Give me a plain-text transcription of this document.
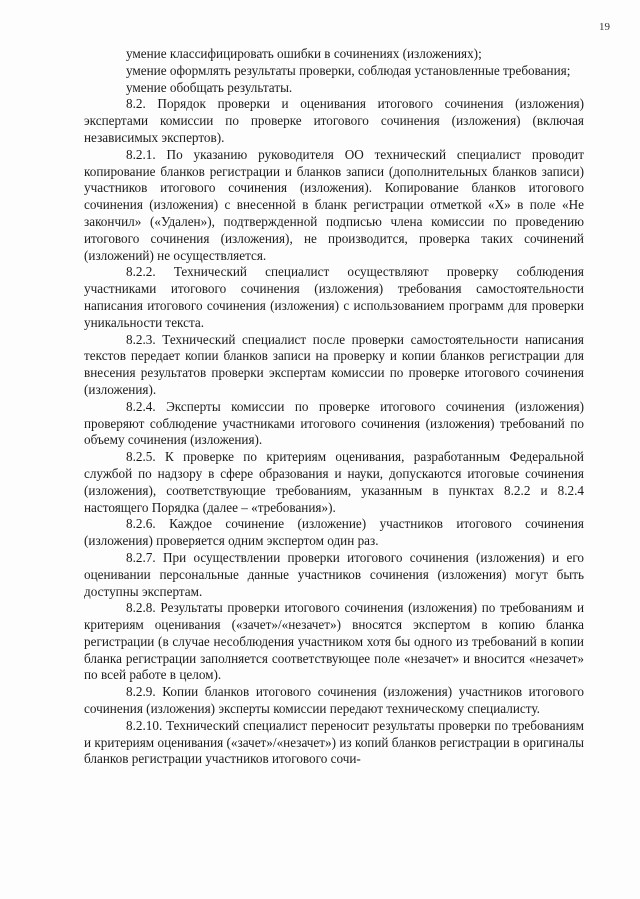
19

умение классифицировать ошибки в сочинениях (изложениях);

умение оформлять результаты проверки, соблюдая установленные требования;

умение обобщать результаты.

8.2. Порядок проверки и оценивания итогового сочинения (изложения) экспертами комиссии по проверке итогового сочинения (изложения) (включая независимых экспертов).

8.2.1. По указанию руководителя ОО технический специалист проводит копирование бланков регистрации и бланков записи (дополнительных бланков записи) участников итогового сочинения (изложения). Копирование бланков итогового сочинения (изложения) с внесенной в бланк регистрации отметкой «Х» в поле «Не закончил» («Удален»), подтвержденной подписью члена комиссии по проведению итогового сочинения (изложения), не производится, проверка таких сочинений (изложений) не осуществляется.

8.2.2. Технический специалист осуществляют проверку соблюдения участниками итогового сочинения (изложения) требования самостоятельности написания итогового сочинения (изложения) с использованием программ для проверки уникальности текста.

8.2.3. Технический специалист после проверки самостоятельности написания текстов передает копии бланков записи на проверку и копии бланков регистрации для внесения результатов проверки экспертам комиссии по проверке итогового сочинения (изложения).

8.2.4. Эксперты комиссии по проверке итогового сочинения (изложения) проверяют соблюдение участниками итогового сочинения (изложения) требований по объему сочинения (изложения).

8.2.5. К проверке по критериям оценивания, разработанным Федеральной службой по надзору в сфере образования и науки, допускаются итоговые сочинения (изложения), соответствующие требованиям, указанным в пунктах 8.2.2 и 8.2.4 настоящего Порядка (далее – «требования»).

8.2.6. Каждое сочинение (изложение) участников итогового сочинения (изложения) проверяется одним экспертом один раз.

8.2.7. При осуществлении проверки итогового сочинения (изложения) и его оценивании персональные данные участников сочинения (изложения) могут быть доступны экспертам.

8.2.8. Результаты проверки итогового сочинения (изложения) по требованиям и критериям оценивания («зачет»/«незачет») вносятся экспертом в копию бланка регистрации (в случае несоблюдения участником хотя бы одного из требований в копии бланка регистрации заполняется соответствующее поле «незачет» и вносится «незачет» по всей работе в целом).

8.2.9. Копии бланков итогового сочинения (изложения) участников итогового сочинения (изложения) эксперты комиссии передают техническому специалисту.

8.2.10. Технический специалист переносит результаты проверки по требованиям и критериям оценивания («зачет»/«незачет») из копий бланков регистрации в оригиналы бланков регистрации участников итогового сочи-
